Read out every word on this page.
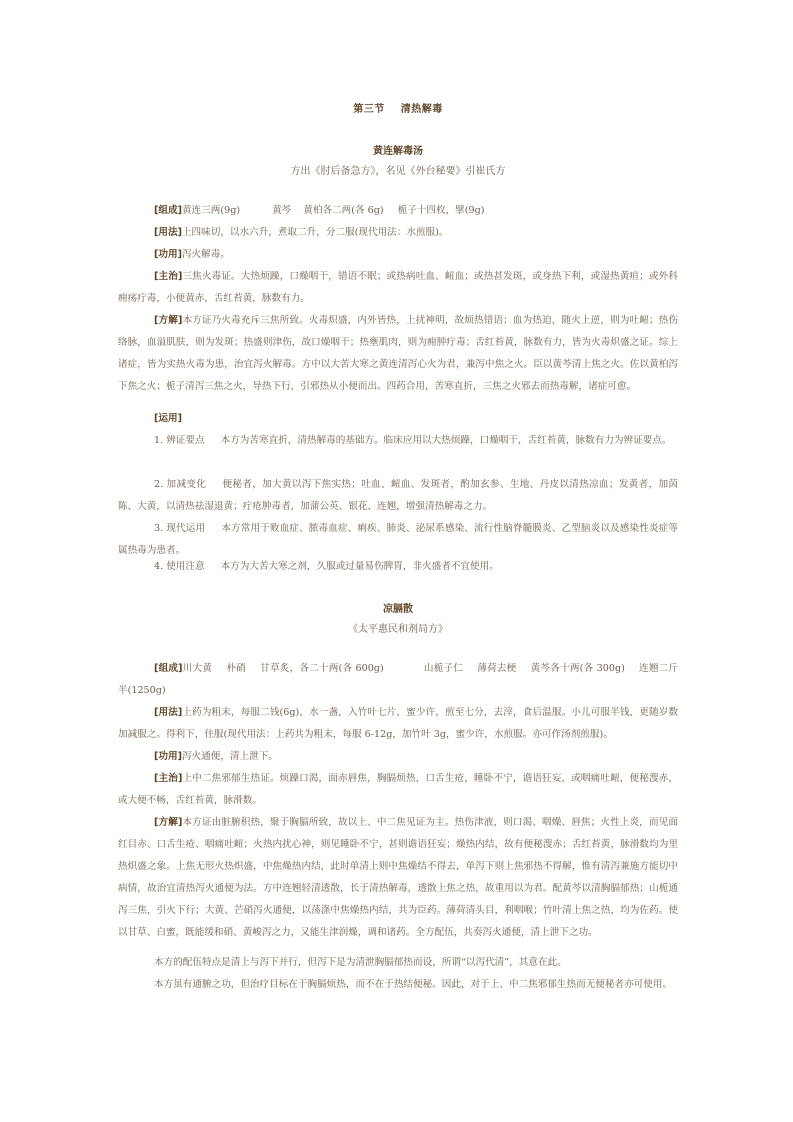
第三节 清热解毒
黄连解毒汤
方出《肘后备急方》，名见《外台秘要》引崔氏方
[组成]黄连三两(9g)	黄芩 黄柏各二两(各 6g) 栀子十四枚，擘(9g)
[用法]上四味切，以水六升，煮取二升，分二服(现代用法：水煎服)。
[功用]泻火解毒。
[主治]三焦火毒证。大热烦躁，口燥咽干，错语不眠；或热病吐血、衄血；或热甚发斑，或身热下利，或湿热黄疸；或外科痈疡疔毒，小便黄赤，舌红苔黄，脉数有力。
[方解]本方证乃火毒充斥三焦所致。火毒炽盛，内外皆热，上扰神明，故烦热错语；血为热迫，随火上逆，则为吐衄；热伤络脉，血溢肌肤，则为发斑；热盛则津伤，故口燥咽干；热壅肌肉，则为痈肿疔毒；舌红苔黄，脉数有力，皆为火毒炽盛之证。综上诸症，皆为实热火毒为患，治宜泻火解毒。方中以大苦大寒之黄连清泻心火为君，兼泻中焦之火。臣以黄芩清上焦之火。佐以黄柏泻下焦之火；栀子清泻三焦之火，导热下行，引邪热从小便而出。四药合用，苦寒直折，三焦之火邪去而热毒解，诸症可愈。
[运用]
1. 辨证要点 本方为苦寒直折，清热解毒的基础方。临床应用以大热烦躁，口燥咽干，舌红苔黄，脉数有力为辨证要点。
2. 加减变化 便秘者，加大黄以泻下焦实热；吐血、衄血、发斑者，酌加玄参、生地、丹皮以清热凉血；发黄者，加茵陈、大黄，以清热祛湿退黄；疔疮肿毒者，加蒲公英、银花、连翘，增强清热解毒之力。
3. 现代运用 本方常用于败血症、脓毒血症、痢疾、肺炎、泌尿系感染、流行性脑脊髓膜炎、乙型脑炎以及感染性炎症等属热毒为患者。
4. 使用注意 本方为大苦大寒之剂，久服或过量易伤脾胃，非火盛者不宜使用。
凉膈散
《太平惠民和剂局方》
[组成]川大黄 朴硝 甘草炙，各二十两(各 600g)	山栀子仁 薄荷去梗 黄芩各十两(各 300g) 连翘二斤半(1250g)
[用法]上药为粗末，每服二钱(6g)，水一盏，入竹叶七片，蜜少许，煎至七分，去滓，食后温服。小儿可服半钱，更随岁数加减服之。得利下，住服(现代用法：上药共为粗末，每服 6-12g，加竹叶 3g，蜜少许，水煎服。亦可作汤剂煎服)。
[功用]泻火通便，清上泄下。
[主治]上中二焦邪郁生热证。烦躁口渴，面赤唇焦，胸膈烦热，口舌生疮，睡卧不宁，谵语狂妄，或咽痛吐衄，便秘溲赤，或大便不畅，舌红苔黄，脉滑数。
[方解]本方证由脏腑积热，聚于胸膈所致，故以上、中二焦见证为主。热伤津液，则口渴、咽燥、唇焦；火性上炎，而见面红目赤、口舌生疮、咽痛吐衄；火热内扰心神，则见睡卧不宁，甚则谵语狂妄；燥热内结，故有便秘溲赤；舌红苔黄，脉滑数均为里热炽盛之象。上焦无形火热炽盛，中焦燥热内结，此时单清上则中焦燥结不得去，单泻下则上焦邪热不得解，惟有清泻兼施方能切中病情，故治宜清热泻火通便为法。方中连翘轻清透散，长于清热解毒，透散上焦之热，故重用以为君。配黄芩以清胸膈郁热；山栀通泻三焦，引火下行；大黄、芒硝泻火通便，以荡涤中焦燥热内结，共为臣药。薄荷清头目，利咽喉；竹叶清上焦之热，均为佐药。使以甘草、白蜜，既能缓和硝、黄峻泻之力，又能生津润燥，调和诸药。全方配伍，共奏泻火通便，清上泄下之功。
本方的配伍特点是清上与泻下并行，但泻下是为清泄胸膈郁热而设，所谓“以泻代清”，其意在此。
本方虽有通腑之功，但治疗目标在于胸膈烦热，而不在于热结便秘。因此，对于上、中二焦邪郁生热而无便秘者亦可使用。
